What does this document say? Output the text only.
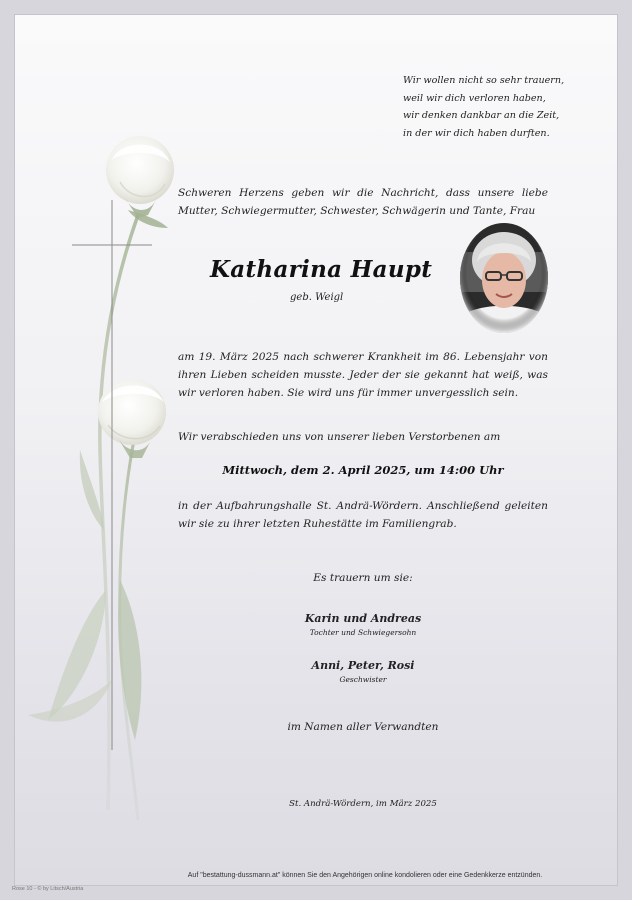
Wir wollen nicht so sehr trauern,
weil wir dich verloren haben,
wir denken dankbar an die Zeit,
in der wir dich haben durften.
Schweren Herzens geben wir die Nachricht, dass unsere liebe Mutter, Schwiegermutter, Schwester, Schwägerin und Tante, Frau
Katharina Haupt
geb. Weigl
am 19. März 2025 nach schwerer Krankheit im 86. Lebensjahr von ihren Lieben scheiden musste. Jeder der sie gekannt hat weiß, was wir verloren haben. Sie wird uns für immer unvergesslich sein.
Wir verabschieden uns von unserer lieben Verstorbenen am
Mittwoch, dem 2. April 2025, um 14:00 Uhr
in der Aufbahrungshalle St. Andrä-Wördern. Anschließend geleiten wir sie zu ihrer letzten Ruhestätte im Familiengrab.
Es trauern um sie:
Karin und Andreas
Tochter und Schwiegersohn
Anni, Peter, Rosi
Geschwister
im Namen aller Verwandten
St. Andrä-Wördern, im März 2025
Auf "bestattung-dussmann.at" können Sie den Angehörigen online kondolieren oder eine Gedenkkerze entzünden.
Rose 10 - © by Litsch/Austria
